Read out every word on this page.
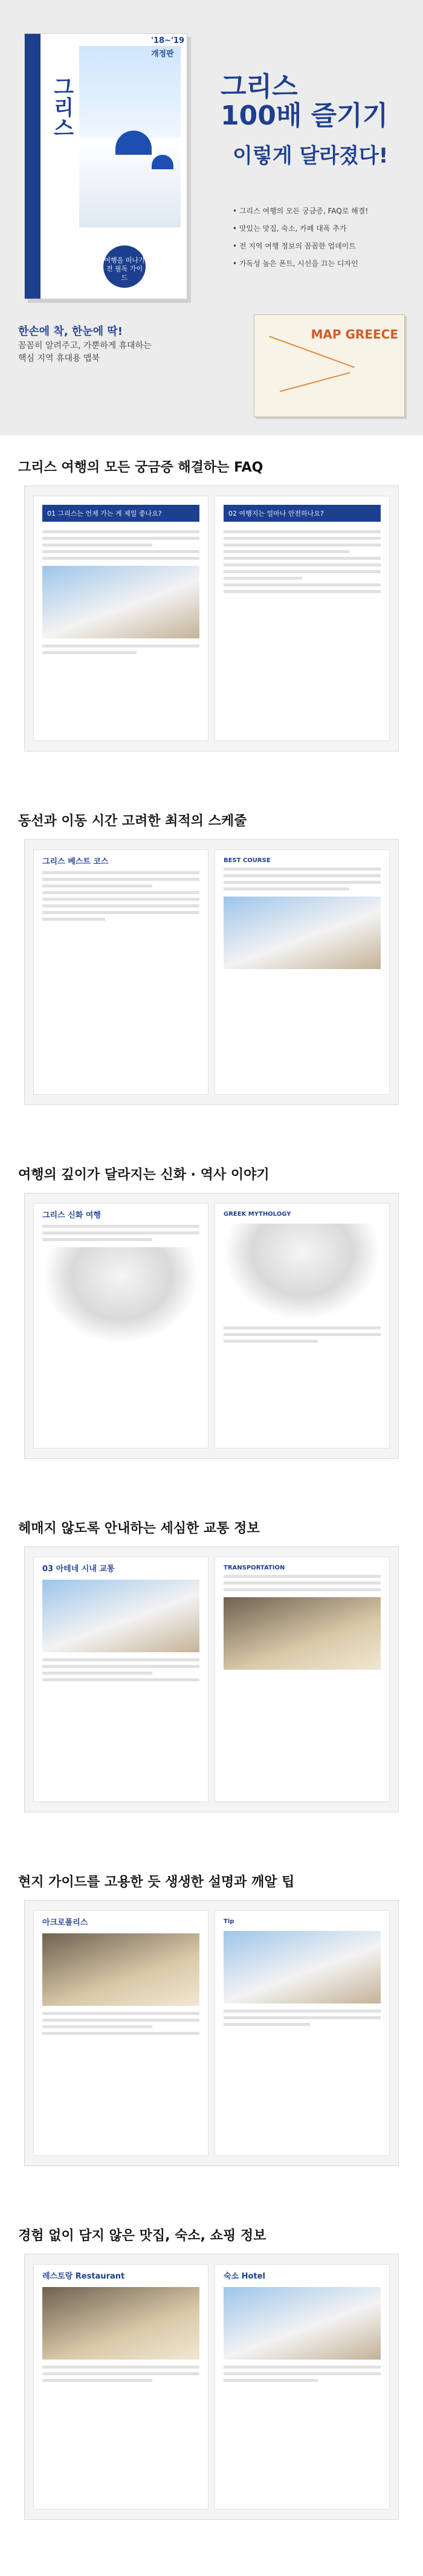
그리스
여행을 떠나기 전 필독 가이드
'18~'19
개정판
그리스
100배 즐기기
이렇게 달라졌다!
• 그리스 여행의 모든 궁금증, FAQ로 해결!
• 맛있는 맛집, 숙소, 카페 대폭 추가
• 전 지역 여행 정보의 꼼꼼한 업데이트
• 가독성 높은 폰트, 시선을 끄는 디자인
한손에 착, 한눈에 딱!
꼼꼼히 알려주고, 가뿐하게 휴대하는
핵심 지역 휴대용 맵북
MAP GREECE
그리스 여행의 모든 궁금증 해결하는 FAQ
01 그리스는 언제 가는 게 제일 좋나요?	02 여행지는 얼마나 안전하나요?
동선과 이동 시간 고려한 최적의 스케줄
그리스 베스트 코스	BEST COURSE
여행의 깊이가 달라지는 신화 · 역사 이야기
그리스 신화 여행	GREEK MYTHOLOGY
헤매지 않도록 안내하는 세심한 교통 정보
03 아테네 시내 교통	TRANSPORTATION
현지 가이드를 고용한 듯 생생한 설명과 깨알 팁
아크로폴리스	Tip
경험 없이 담지 않은 맛집, 숙소, 쇼핑 정보
레스토랑 Restaurant	숙소 Hotel
